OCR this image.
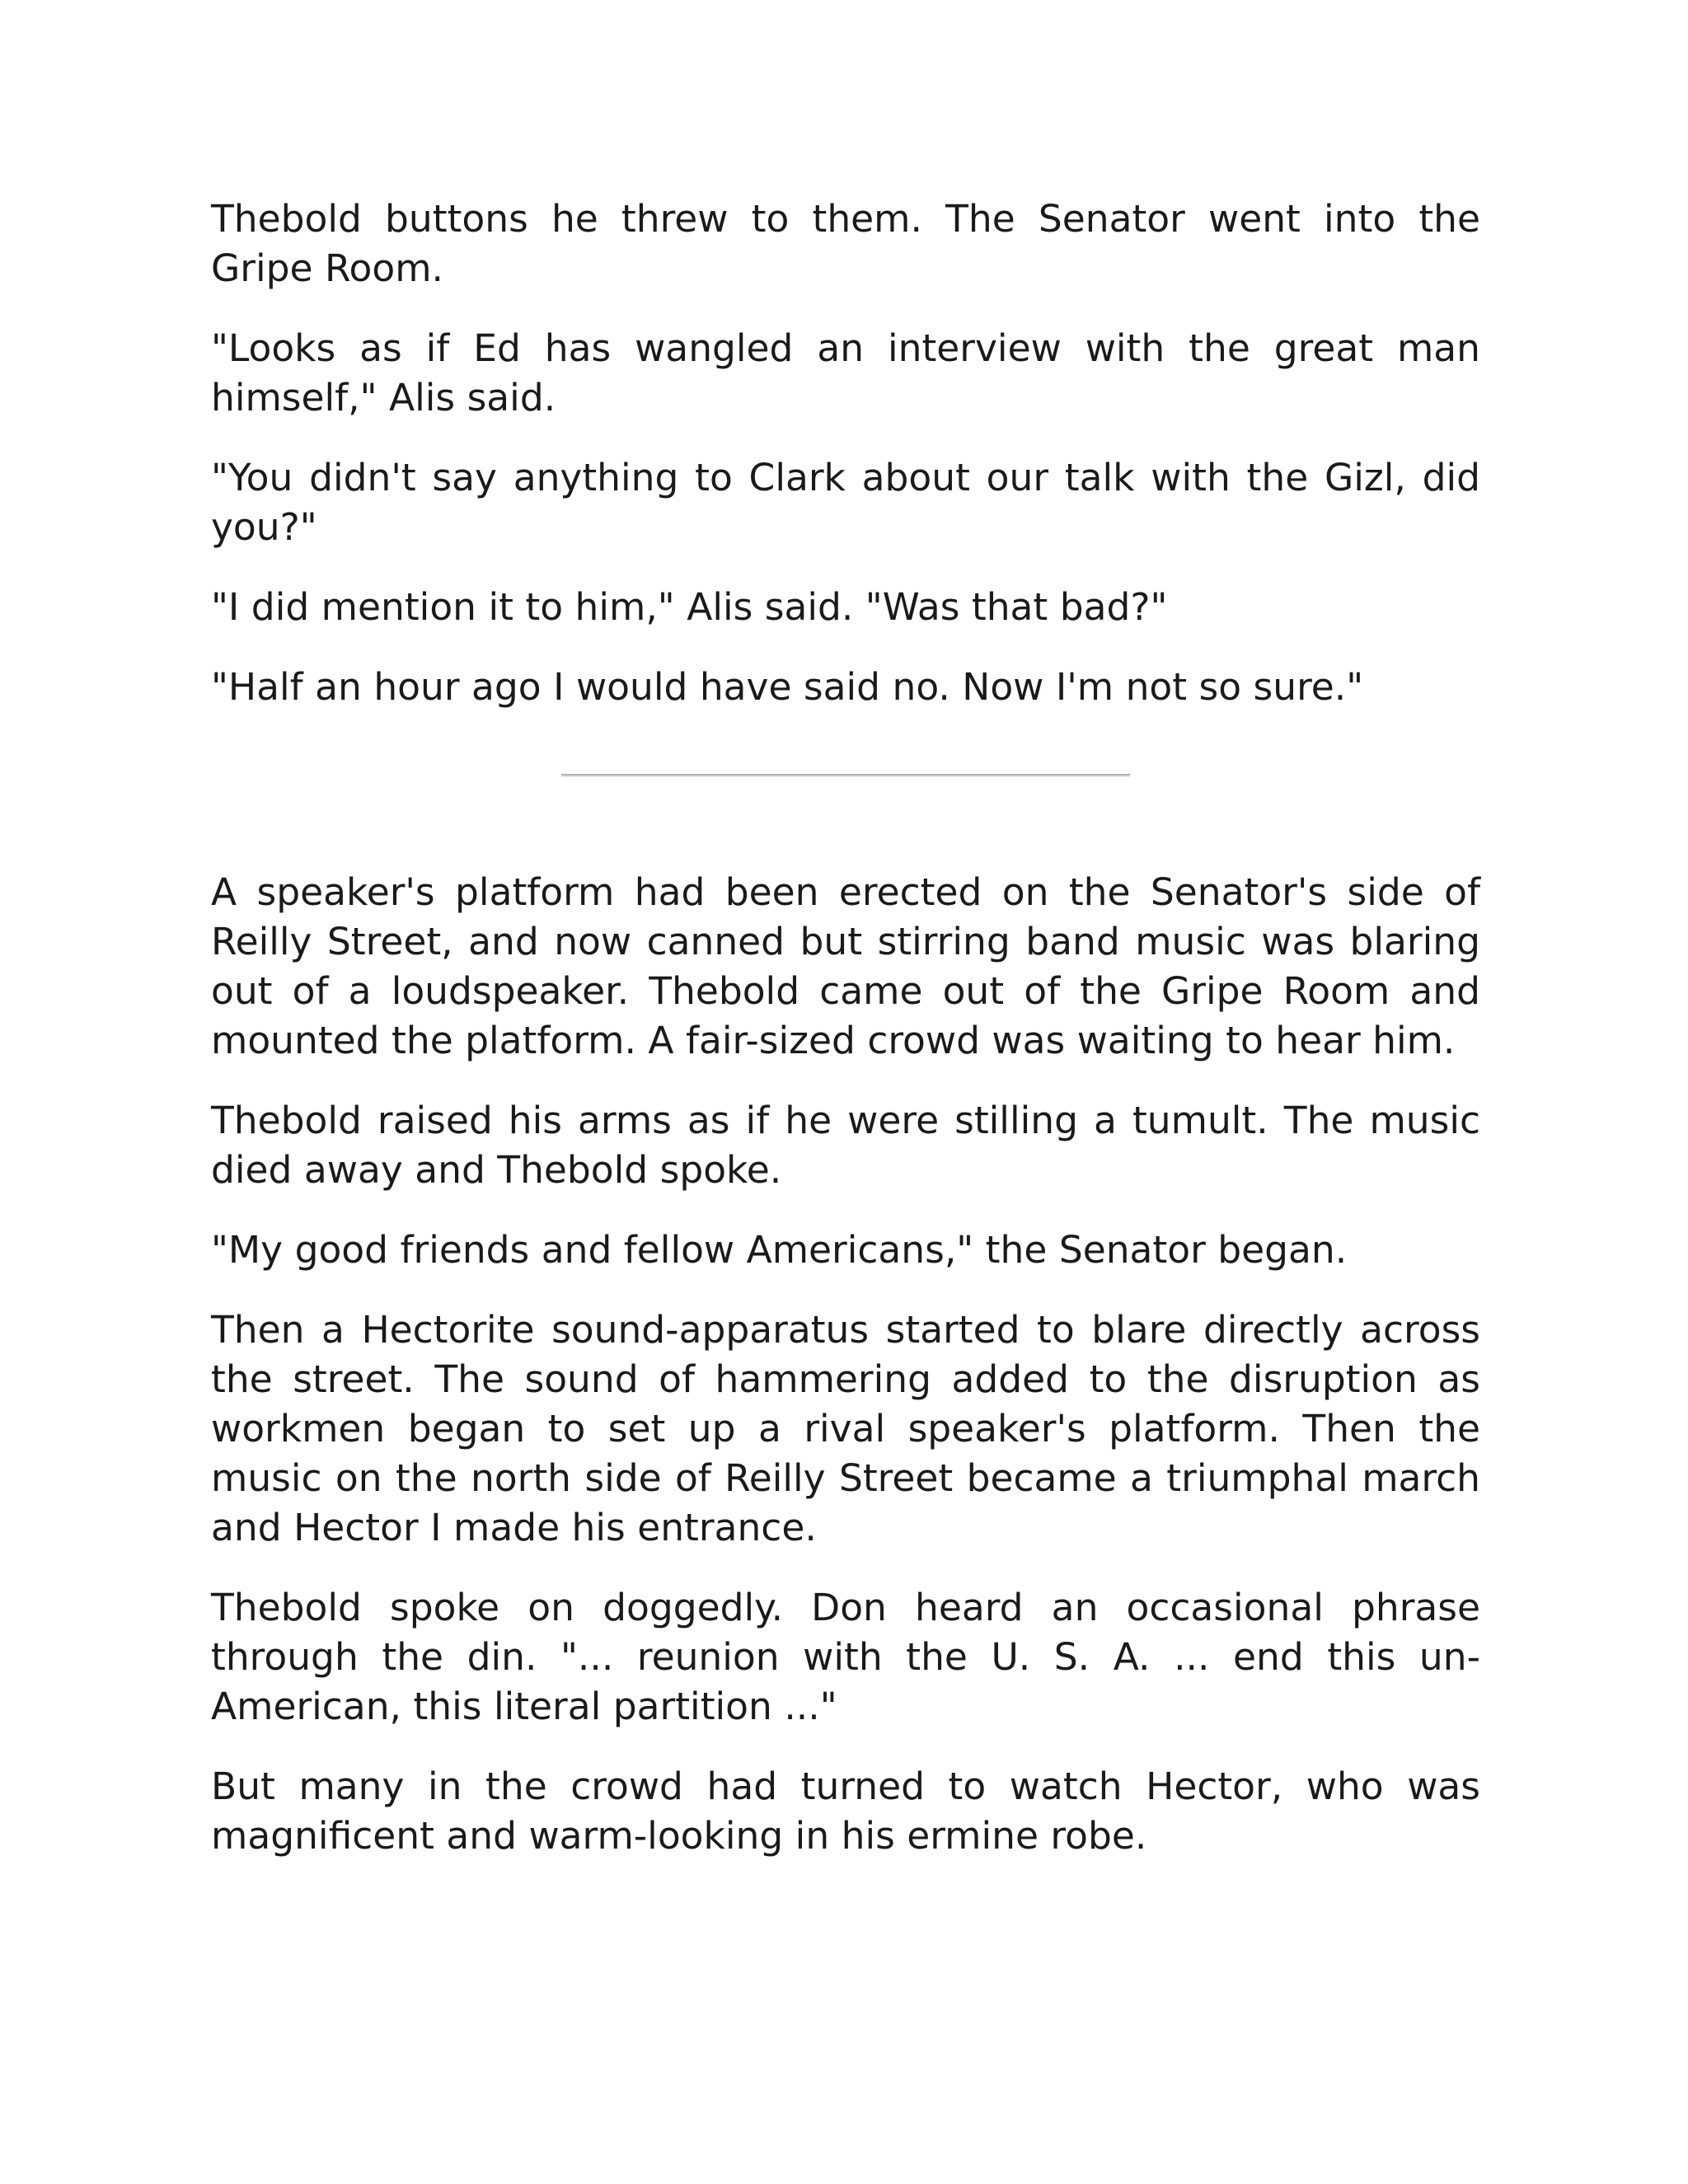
Thebold buttons he threw to them. The Senator went into the Gripe Room.

"Looks as if Ed has wangled an interview with the great man himself," Alis said.

"You didn't say anything to Clark about our talk with the Gizl, did you?"

"I did mention it to him," Alis said. "Was that bad?"

"Half an hour ago I would have said no. Now I'm not so sure."

A speaker's platform had been erected on the Senator's side of Reilly Street, and now canned but stirring band music was blaring out of a loudspeaker. Thebold came out of the Gripe Room and mounted the platform. A fair-sized crowd was waiting to hear him.

Thebold raised his arms as if he were stilling a tumult. The music died away and Thebold spoke.

"My good friends and fellow Americans," the Senator began.

Then a Hectorite sound-apparatus started to blare directly across the street. The sound of hammering added to the disruption as workmen began to set up a rival speaker's platform. Then the music on the north side of Reilly Street became a triumphal march and Hector I made his entrance.

Thebold spoke on doggedly. Don heard an occasional phrase through the din. "... reunion with the U. S. A. ... end this un-American, this literal partition ..."

But many in the crowd had turned to watch Hector, who was magnificent and warm-looking in his ermine robe.
